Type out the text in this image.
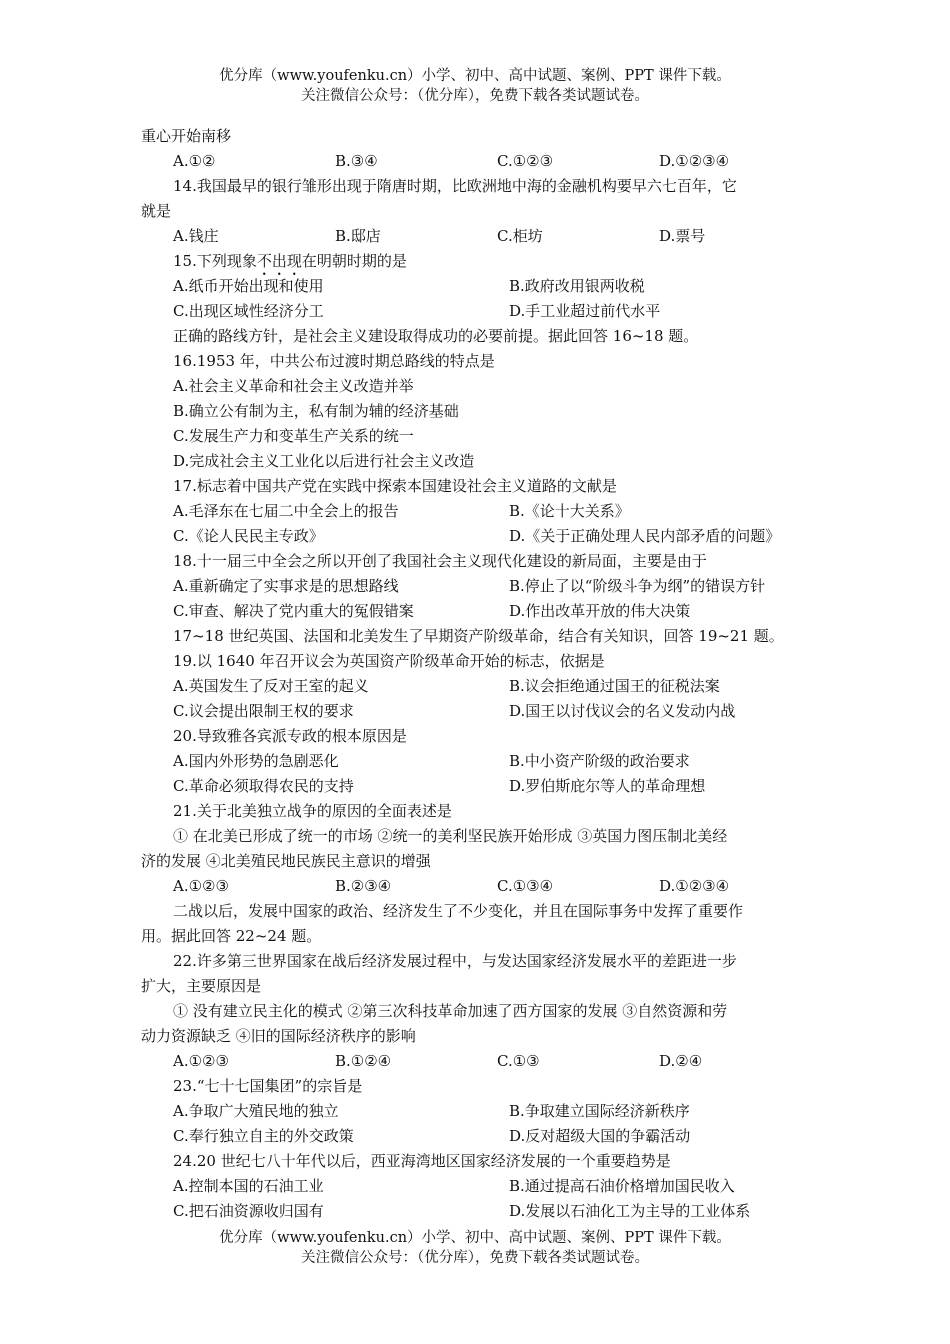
优分库（www.youfenku.cn）小学、初中、高中试题、案例、PPT 课件下载。
关注微信公众号：（优分库），免费下载各类试题试卷。
重心开始南移
A.①②	B.③④	C.①②③	D.①②③④
14.我国最早的银行雏形出现于隋唐时期，比欧洲地中海的金融机构要早六七百年，它
就是
A.钱庄	B.邸店	C.柜坊	D.票号
15.下列现象不出现在明朝时期的是
A.纸币开始出现和使用	B.政府改用银两收税
C.出现区域性经济分工	D.手工业超过前代水平
正确的路线方针，是社会主义建设取得成功的必要前提。据此回答 16~18 题。
16.1953 年，中共公布过渡时期总路线的特点是
A.社会主义革命和社会主义改造并举
B.确立公有制为主，私有制为辅的经济基础
C.发展生产力和变革生产关系的统一
D.完成社会主义工业化以后进行社会主义改造
17.标志着中国共产党在实践中探索本国建设社会主义道路的文献是
A.毛泽东在七届二中全会上的报告	B.《论十大关系》
C.《论人民民主专政》	D.《关于正确处理人民内部矛盾的问题》
18.十一届三中全会之所以开创了我国社会主义现代化建设的新局面，主要是由于
A.重新确定了实事求是的思想路线	B.停止了以“阶级斗争为纲”的错误方针
C.审查、解决了党内重大的冤假错案	D.作出改革开放的伟大决策
17~18 世纪英国、法国和北美发生了早期资产阶级革命，结合有关知识，回答 19~21 题。
19.以 1640 年召开议会为英国资产阶级革命开始的标志，依据是
A.英国发生了反对王室的起义	B.议会拒绝通过国王的征税法案
C.议会提出限制王权的要求	D.国王以讨伐议会的名义发动内战
20.导致雅各宾派专政的根本原因是
A.国内外形势的急剧恶化	B.中小资产阶级的政治要求
C.革命必须取得农民的支持	D.罗伯斯庇尔等人的革命理想
21.关于北美独立战争的原因的全面表述是
① 在北美已形成了统一的市场 ②统一的美利坚民族开始形成 ③英国力图压制北美经
济的发展 ④北美殖民地民族民主意识的增强
A.①②③	B.②③④	C.①③④	D.①②③④
二战以后，发展中国家的政治、经济发生了不少变化，并且在国际事务中发挥了重要作
用。据此回答 22~24 题。
22.许多第三世界国家在战后经济发展过程中，与发达国家经济发展水平的差距进一步
扩大，主要原因是
① 没有建立民主化的模式 ②第三次科技革命加速了西方国家的发展 ③自然资源和劳
动力资源缺乏 ④旧的国际经济秩序的影响
A.①②③	B.①②④	C.①③	D.②④
23.“七十七国集团”的宗旨是
A.争取广大殖民地的独立	B.争取建立国际经济新秩序
C.奉行独立自主的外交政策	D.反对超级大国的争霸活动
24.20 世纪七八十年代以后，西亚海湾地区国家经济发展的一个重要趋势是
A.控制本国的石油工业	B.通过提高石油价格增加国民收入
C.把石油资源收归国有	D.发展以石油化工为主导的工业体系
优分库（www.youfenku.cn）小学、初中、高中试题、案例、PPT 课件下载。
关注微信公众号：（优分库），免费下载各类试题试卷。
